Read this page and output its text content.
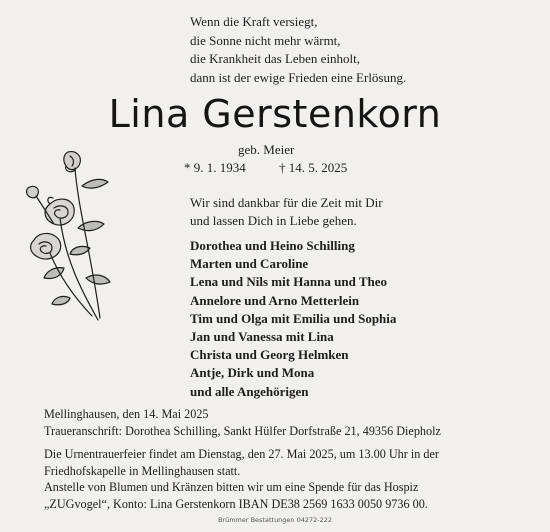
Wenn die Kraft versiegt,
die Sonne nicht mehr wärmt,
die Krankheit das Leben einholt,
dann ist der ewige Frieden eine Erlösung.
Lina Gerstenkorn
geb. Meier
* 9. 1. 1934	† 14. 5. 2025
Wir sind dankbar für die Zeit mit Dir
und lassen Dich in Liebe gehen.
Dorothea und Heino Schilling
Marten und Caroline
Lena und Nils mit Hanna und Theo
Annelore und Arno Metterlein
Tim und Olga mit Emilia und Sophia
Jan und Vanessa mit Lina
Christa und Georg Helmken
Antje, Dirk und Mona
und alle Angehörigen
Mellinghausen, den 14. Mai 2025
Traueranschrift: Dorothea Schilling, Sankt Hülfer Dorfstraße 21, 49356 Diepholz
Die Urnentrauerfeier findet am Dienstag, den 27. Mai 2025, um 13.00 Uhr in der
Friedhofskapelle in Mellinghausen statt.
Anstelle von Blumen und Kränzen bitten wir um eine Spende für das Hospiz
„ZUGvogel“, Konto: Lina Gerstenkorn IBAN DE38 2569 1633 0050 9736 00.
Brümmer Bestattungen 04272-222
